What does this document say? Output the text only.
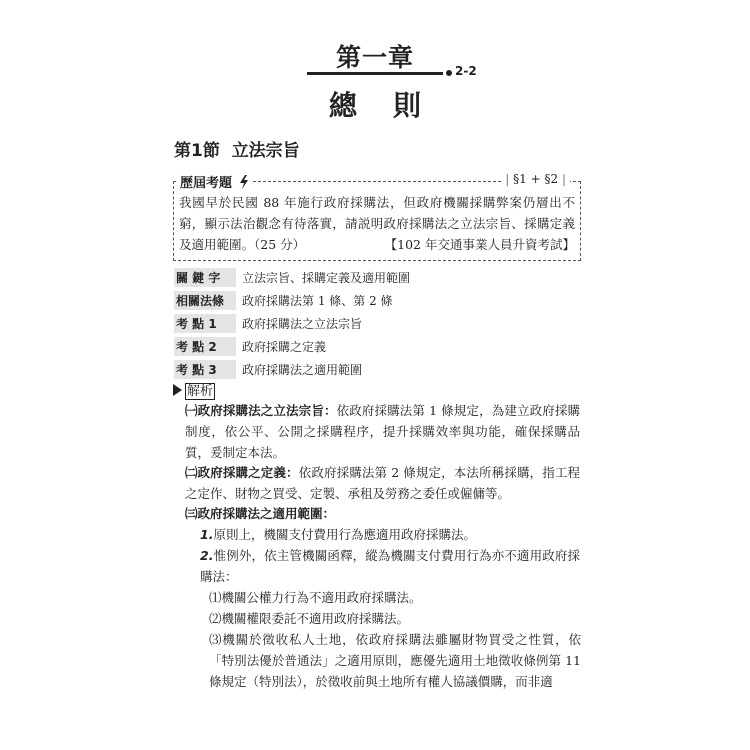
第一章	2-2
總則
第1節 立法宗旨
歷屆考題	| §1 + §2 |
我國早於民國 88 年施行政府採購法，但政府機關採購弊案仍層出不窮，顯示法治觀念有待落實，請説明政府採購法之立法宗旨、採購定義及適用範圍。（25 分）	【102 年交通事業人員升資考試】
關 鍵 字	立法宗旨、採購定義及適用範圍
相關法條	政府採購法第 1 條、第 2 條
考 點 1	政府採購法之立法宗旨
考 點 2	政府採購之定義
考 點 3	政府採購法之適用範圍
解析
㈠政府採購法之立法宗旨：依政府採購法第 1 條規定，為建立政府採購制度，依公平、公開之採購程序，提升採購效率與功能，確保採購品質，爰制定本法。
㈡政府採購之定義：依政府採購法第 2 條規定，本法所稱採購，指工程之定作、財物之買受、定製、承租及勞務之委任或僱傭等。
㈢政府採購法之適用範圍：
1.原則上，機關支付費用行為應適用政府採購法。
2.惟例外，依主管機關函釋，縱為機關支付費用行為亦不適用政府採購法：
⑴機關公權力行為不適用政府採購法。
⑵機關權限委託不適用政府採購法。
⑶機關於徵收私人土地，依政府採購法雖屬財物買受之性質，依「特別法優於普通法」之適用原則，應優先適用土地徵收條例第 11 條規定（特別法），於徵收前與土地所有權人協議價購，而非適
